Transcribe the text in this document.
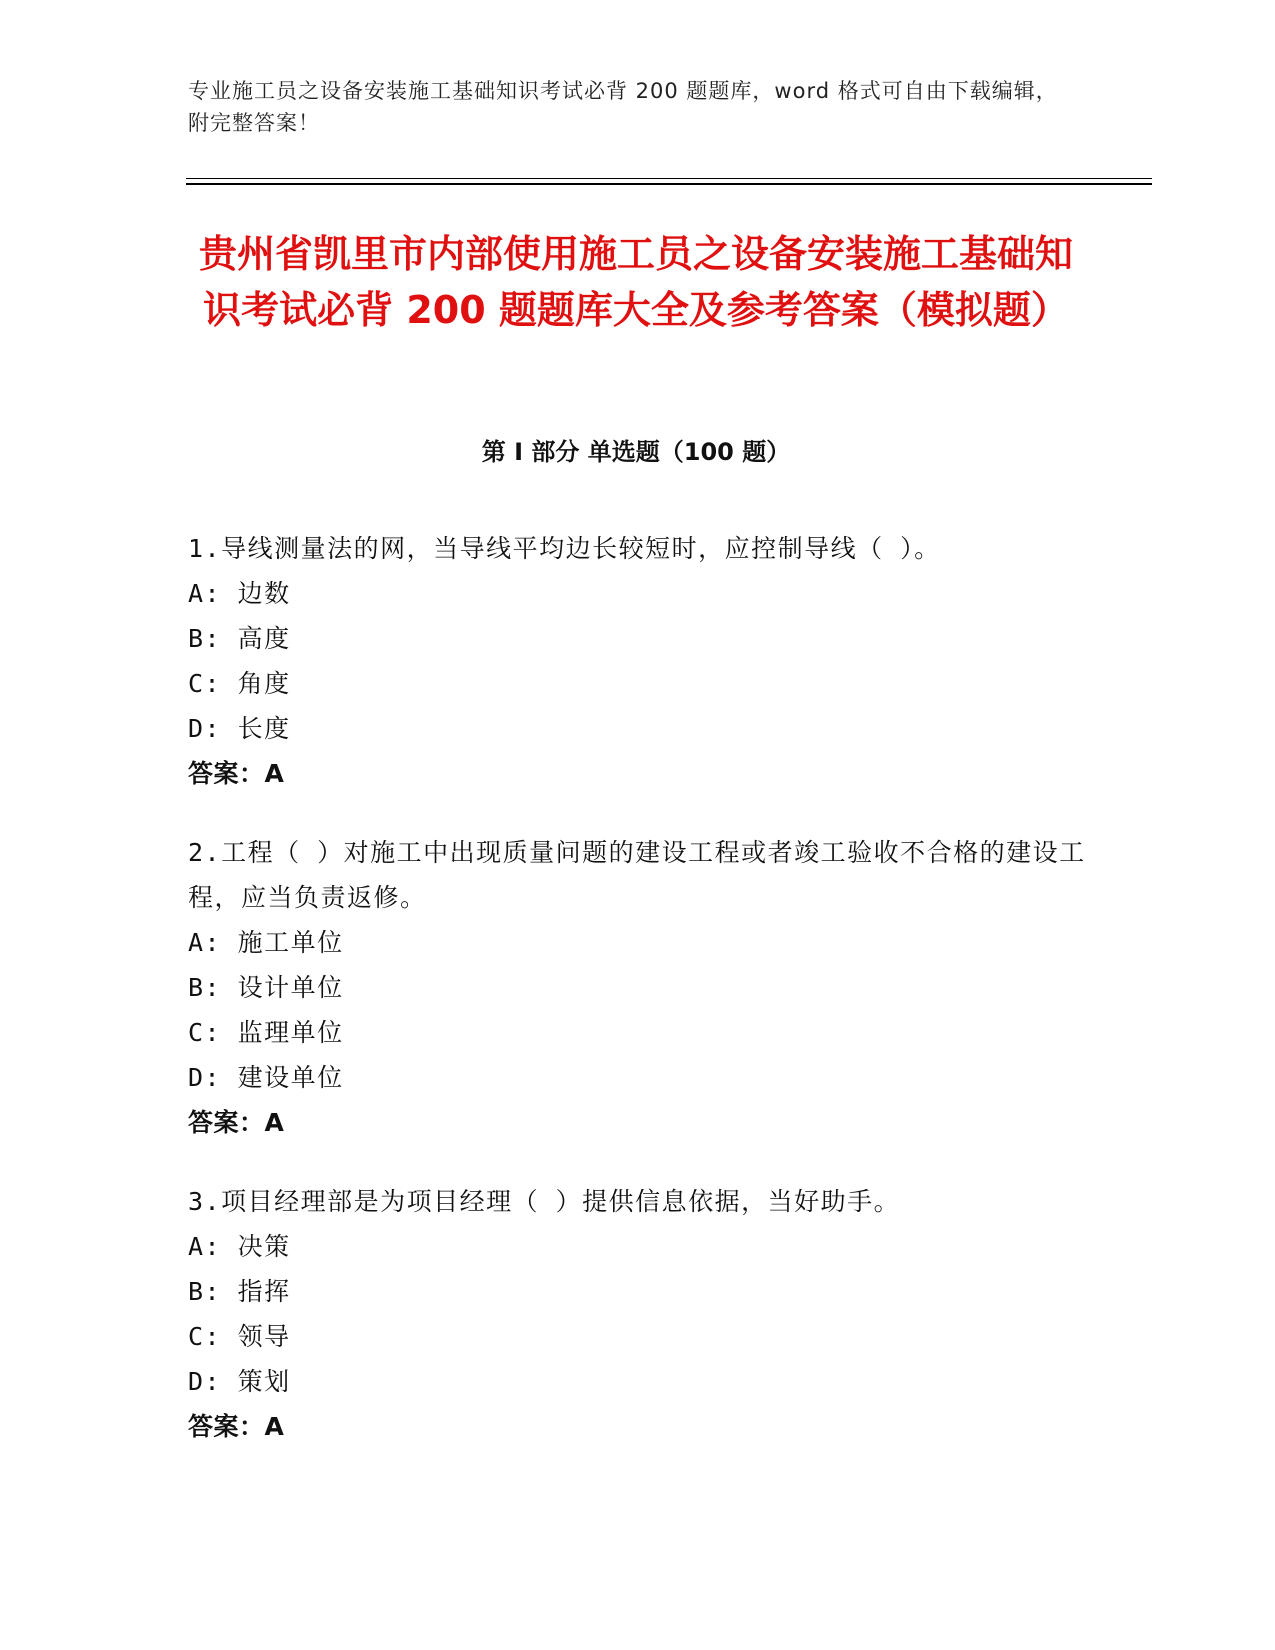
专业施工员之设备安装施工基础知识考试必背 200 题题库，word 格式可自由下载编辑，附完整答案！
贵州省凯里市内部使用施工员之设备安装施工基础知识考试必背 200 题题库大全及参考答案（模拟题）
第 I 部分 单选题（100 题）
1.导线测量法的网，当导线平均边长较短时，应控制导线（ ）。
A: 边数
B: 高度
C: 角度
D: 长度
答案：A
2.工程（ ）对施工中出现质量问题的建设工程或者竣工验收不合格的建设工程，应当负责返修。
A: 施工单位
B: 设计单位
C: 监理单位
D: 建设单位
答案：A
3.项目经理部是为项目经理（ ）提供信息依据，当好助手。
A: 决策
B: 指挥
C: 领导
D: 策划
答案：A
